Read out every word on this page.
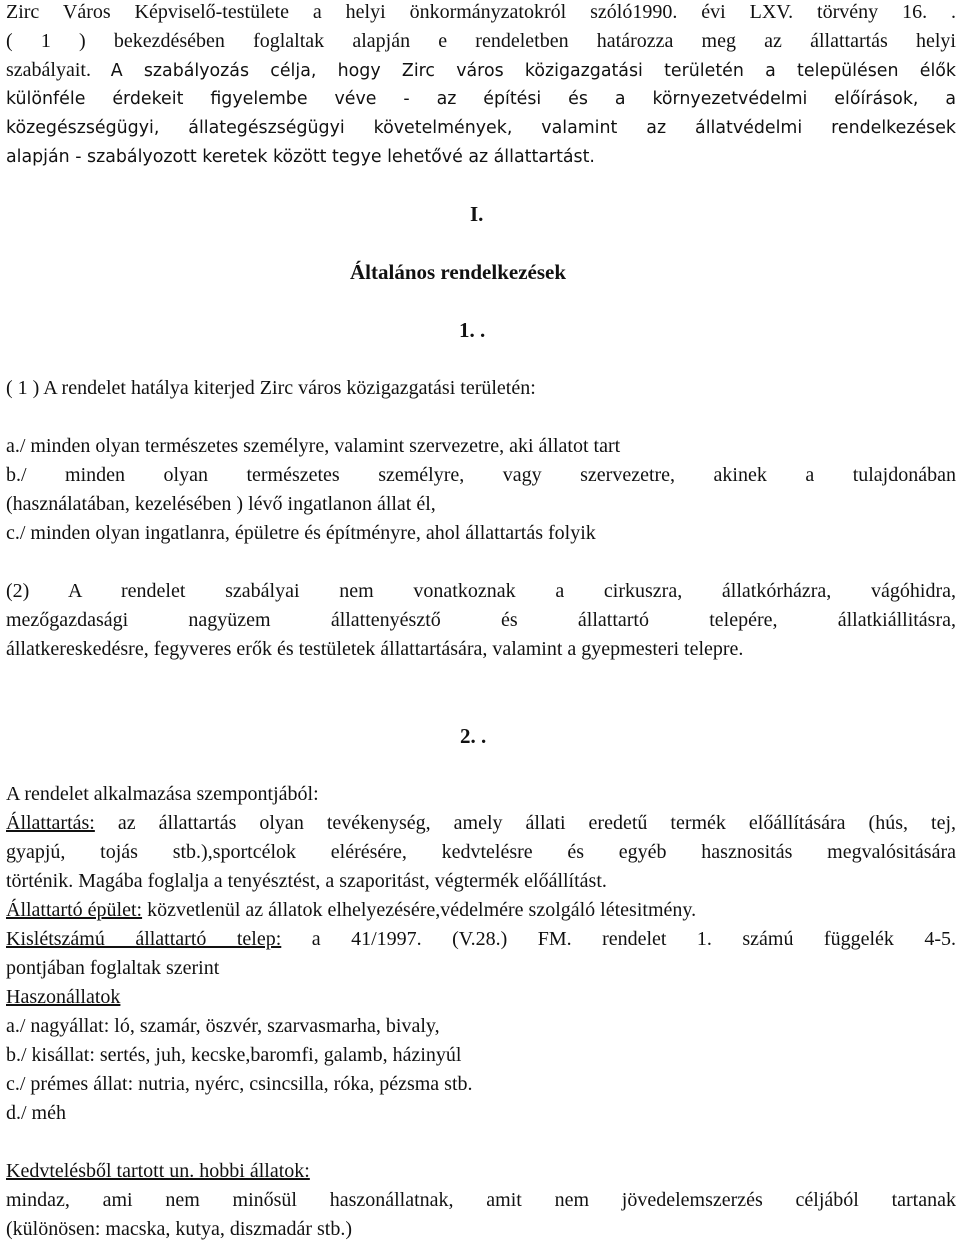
Zirc Város Képviselő-testülete a helyi önkormányzatokról szóló1990. évi LXV. törvény 16. .
( 1 ) bekezdésében foglaltak alapján e rendeletben határozza meg az állattartás helyi
szabályait. A szabályozás célja, hogy Zirc város közigazgatási területén a településen élők
különféle érdekeit figyelembe véve - az építési és a környezetvédelmi előírások, a
közegészségügyi, állategészségügyi követelmények, valamint az állatvédelmi rendelkezések
alapján - szabályozott keretek között tegye lehetővé az állattartást.
I.
Általános rendelkezések
1. .
( 1 ) A rendelet hatálya kiterjed Zirc város közigazgatási területén:
a./ minden olyan természetes személyre, valamint szervezetre, aki állatot tart
b./ minden olyan természetes személyre, vagy szervezetre, akinek a tulajdonában
(használatában, kezelésében ) lévő ingatlanon állat él,
c./ minden olyan ingatlanra, épületre és építményre, ahol állattartás folyik
(2) A rendelet szabályai nem vonatkoznak a cirkuszra, állatkórházra, vágóhidra,
mezőgazdasági nagyüzem állattenyésztő és állattartó telepére, állatkiállitásra,
állatkereskedésre, fegyveres erők és testületek állattartására, valamint a gyepmesteri telepre.
2. .
A rendelet alkalmazása szempontjából:
Állattartás: az állattartás olyan tevékenység, amely állati eredetű termék előállítására (hús, tej,
gyapjú, tojás stb.),sportcélok elérésére, kedvtelésre és egyéb hasznositás megvalósitására
történik. Magába foglalja a tenyésztést, a szaporitást, végtermék előállítást.
Állattartó épület: közvetlenül az állatok elhelyezésére,védelmére szolgáló létesitmény.
Kislétszámú állattartó telep: a 41/1997. (V.28.) FM. rendelet 1. számú függelék 4-5.
pontjában foglaltak szerint
Haszonállatok
a./ nagyállat: ló, szamár, öszvér, szarvasmarha, bivaly,
b./ kisállat: sertés, juh, kecske,baromfi, galamb, házinyúl
c./ prémes állat: nutria, nyérc, csincsilla, róka, pézsma stb.
d./ méh
Kedvtelésből tartott un. hobbi állatok:
mindaz, ami nem minősül haszonállatnak, amit nem jövedelemszerzés céljából tartanak
(különösen: macska, kutya, diszmadár stb.)
